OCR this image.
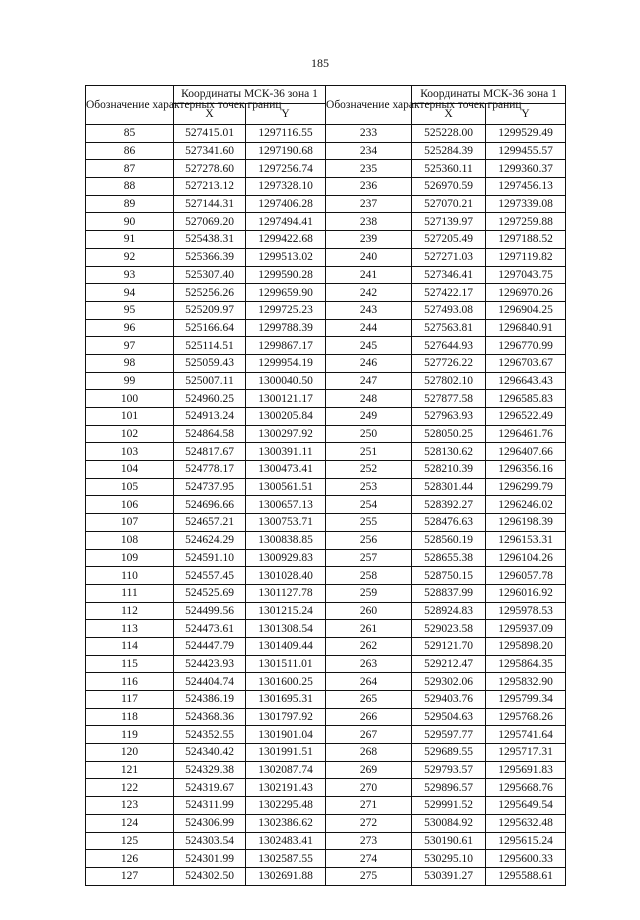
185
Обозначение характерных точек границ	Координаты МСК-36 зона 1		Обозначение характерных точек границ	Координаты МСК-36 зона 1	
	X	Y		X	Y
85	527415.01	1297116.55	233	525228.00	1299529.49
86	527341.60	1297190.68	234	525284.39	1299455.57
87	527278.60	1297256.74	235	525360.11	1299360.37
88	527213.12	1297328.10	236	526970.59	1297456.13
89	527144.31	1297406.28	237	527070.21	1297339.08
90	527069.20	1297494.41	238	527139.97	1297259.88
91	525438.31	1299422.68	239	527205.49	1297188.52
92	525366.39	1299513.02	240	527271.03	1297119.82
93	525307.40	1299590.28	241	527346.41	1297043.75
94	525256.26	1299659.90	242	527422.17	1296970.26
95	525209.97	1299725.23	243	527493.08	1296904.25
96	525166.64	1299788.39	244	527563.81	1296840.91
97	525114.51	1299867.17	245	527644.93	1296770.99
98	525059.43	1299954.19	246	527726.22	1296703.67
99	525007.11	1300040.50	247	527802.10	1296643.43
100	524960.25	1300121.17	248	527877.58	1296585.83
101	524913.24	1300205.84	249	527963.93	1296522.49
102	524864.58	1300297.92	250	528050.25	1296461.76
103	524817.67	1300391.11	251	528130.62	1296407.66
104	524778.17	1300473.41	252	528210.39	1296356.16
105	524737.95	1300561.51	253	528301.44	1296299.79
106	524696.66	1300657.13	254	528392.27	1296246.02
107	524657.21	1300753.71	255	528476.63	1296198.39
108	524624.29	1300838.85	256	528560.19	1296153.31
109	524591.10	1300929.83	257	528655.38	1296104.26
110	524557.45	1301028.40	258	528750.15	1296057.78
111	524525.69	1301127.78	259	528837.99	1296016.92
112	524499.56	1301215.24	260	528924.83	1295978.53
113	524473.61	1301308.54	261	529023.58	1295937.09
114	524447.79	1301409.44	262	529121.70	1295898.20
115	524423.93	1301511.01	263	529212.47	1295864.35
116	524404.74	1301600.25	264	529302.06	1295832.90
117	524386.19	1301695.31	265	529403.76	1295799.34
118	524368.36	1301797.92	266	529504.63	1295768.26
119	524352.55	1301901.04	267	529597.77	1295741.64
120	524340.42	1301991.51	268	529689.55	1295717.31
121	524329.38	1302087.74	269	529793.57	1295691.83
122	524319.67	1302191.43	270	529896.57	1295668.76
123	524311.99	1302295.48	271	529991.52	1295649.54
124	524306.99	1302386.62	272	530084.92	1295632.48
125	524303.54	1302483.41	273	530190.61	1295615.24
126	524301.99	1302587.55	274	530295.10	1295600.33
127	524302.50	1302691.88	275	530391.27	1295588.61
